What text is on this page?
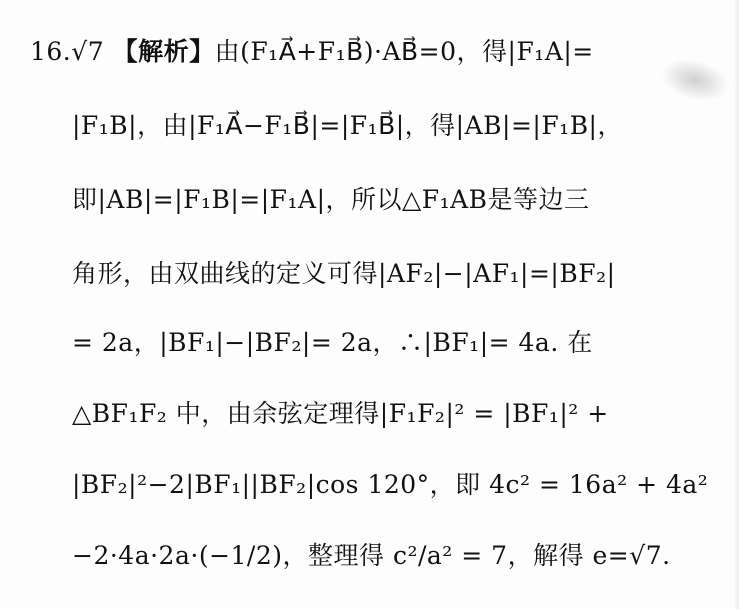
16.√7 【解析】由(F₁A⃗+F₁B⃗)·AB⃗=0，得|F₁A|=
|F₁B|，由|F₁A⃗−F₁B⃗|=|F₁B⃗|，得|AB|=|F₁B|，
即|AB|=|F₁B|=|F₁A|，所以△F₁AB是等边三
角形，由双曲线的定义可得|AF₂|−|AF₁|=|BF₂|
= 2a，|BF₁|−|BF₂|= 2a，∴|BF₁|= 4a. 在
△BF₁F₂ 中，由余弦定理得|F₁F₂|² = |BF₁|² +
|BF₂|²−2|BF₁||BF₂|cos 120°，即 4c² = 16a² + 4a²
−2·4a·2a·(−1/2)，整理得 c²/a² = 7，解得 e=√7.
